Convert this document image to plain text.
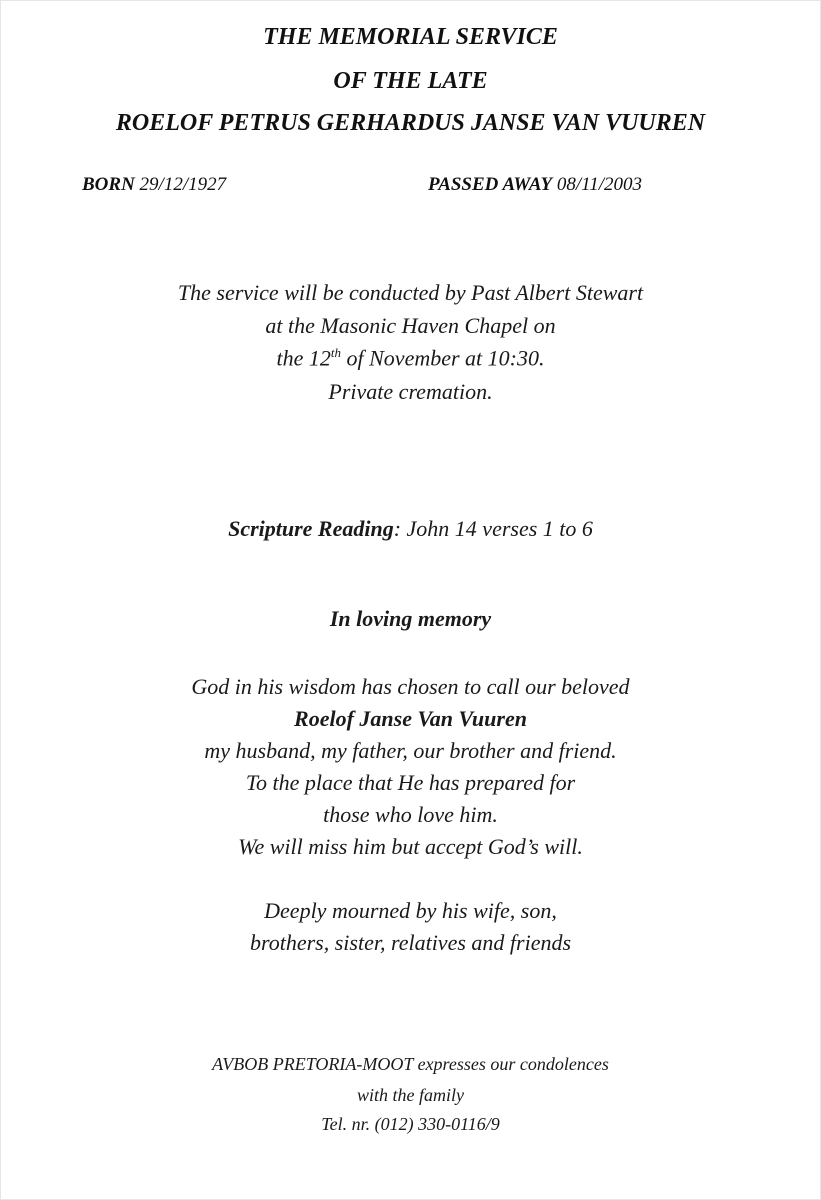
THE MEMORIAL SERVICE
OF THE LATE
ROELOF PETRUS GERHARDUS JANSE VAN VUUREN
BORN 29/12/1927	PASSED AWAY 08/11/2003
The service will be conducted by Past Albert Stewart
at the Masonic Haven Chapel on
the 12th of November at 10:30.
Private cremation.
Scripture Reading: John 14 verses 1 to 6
In loving memory
God in his wisdom has chosen to call our beloved
Roelof Janse Van Vuuren
my husband, my father, our brother and friend.
To the place that He has prepared for
those who love him.
We will miss him but accept God’s will.
Deeply mourned by his wife, son,
brothers, sister, relatives and friends
AVBOB PRETORIA-MOOT expresses our condolences
with the family
Tel. nr. (012) 330-0116/9
